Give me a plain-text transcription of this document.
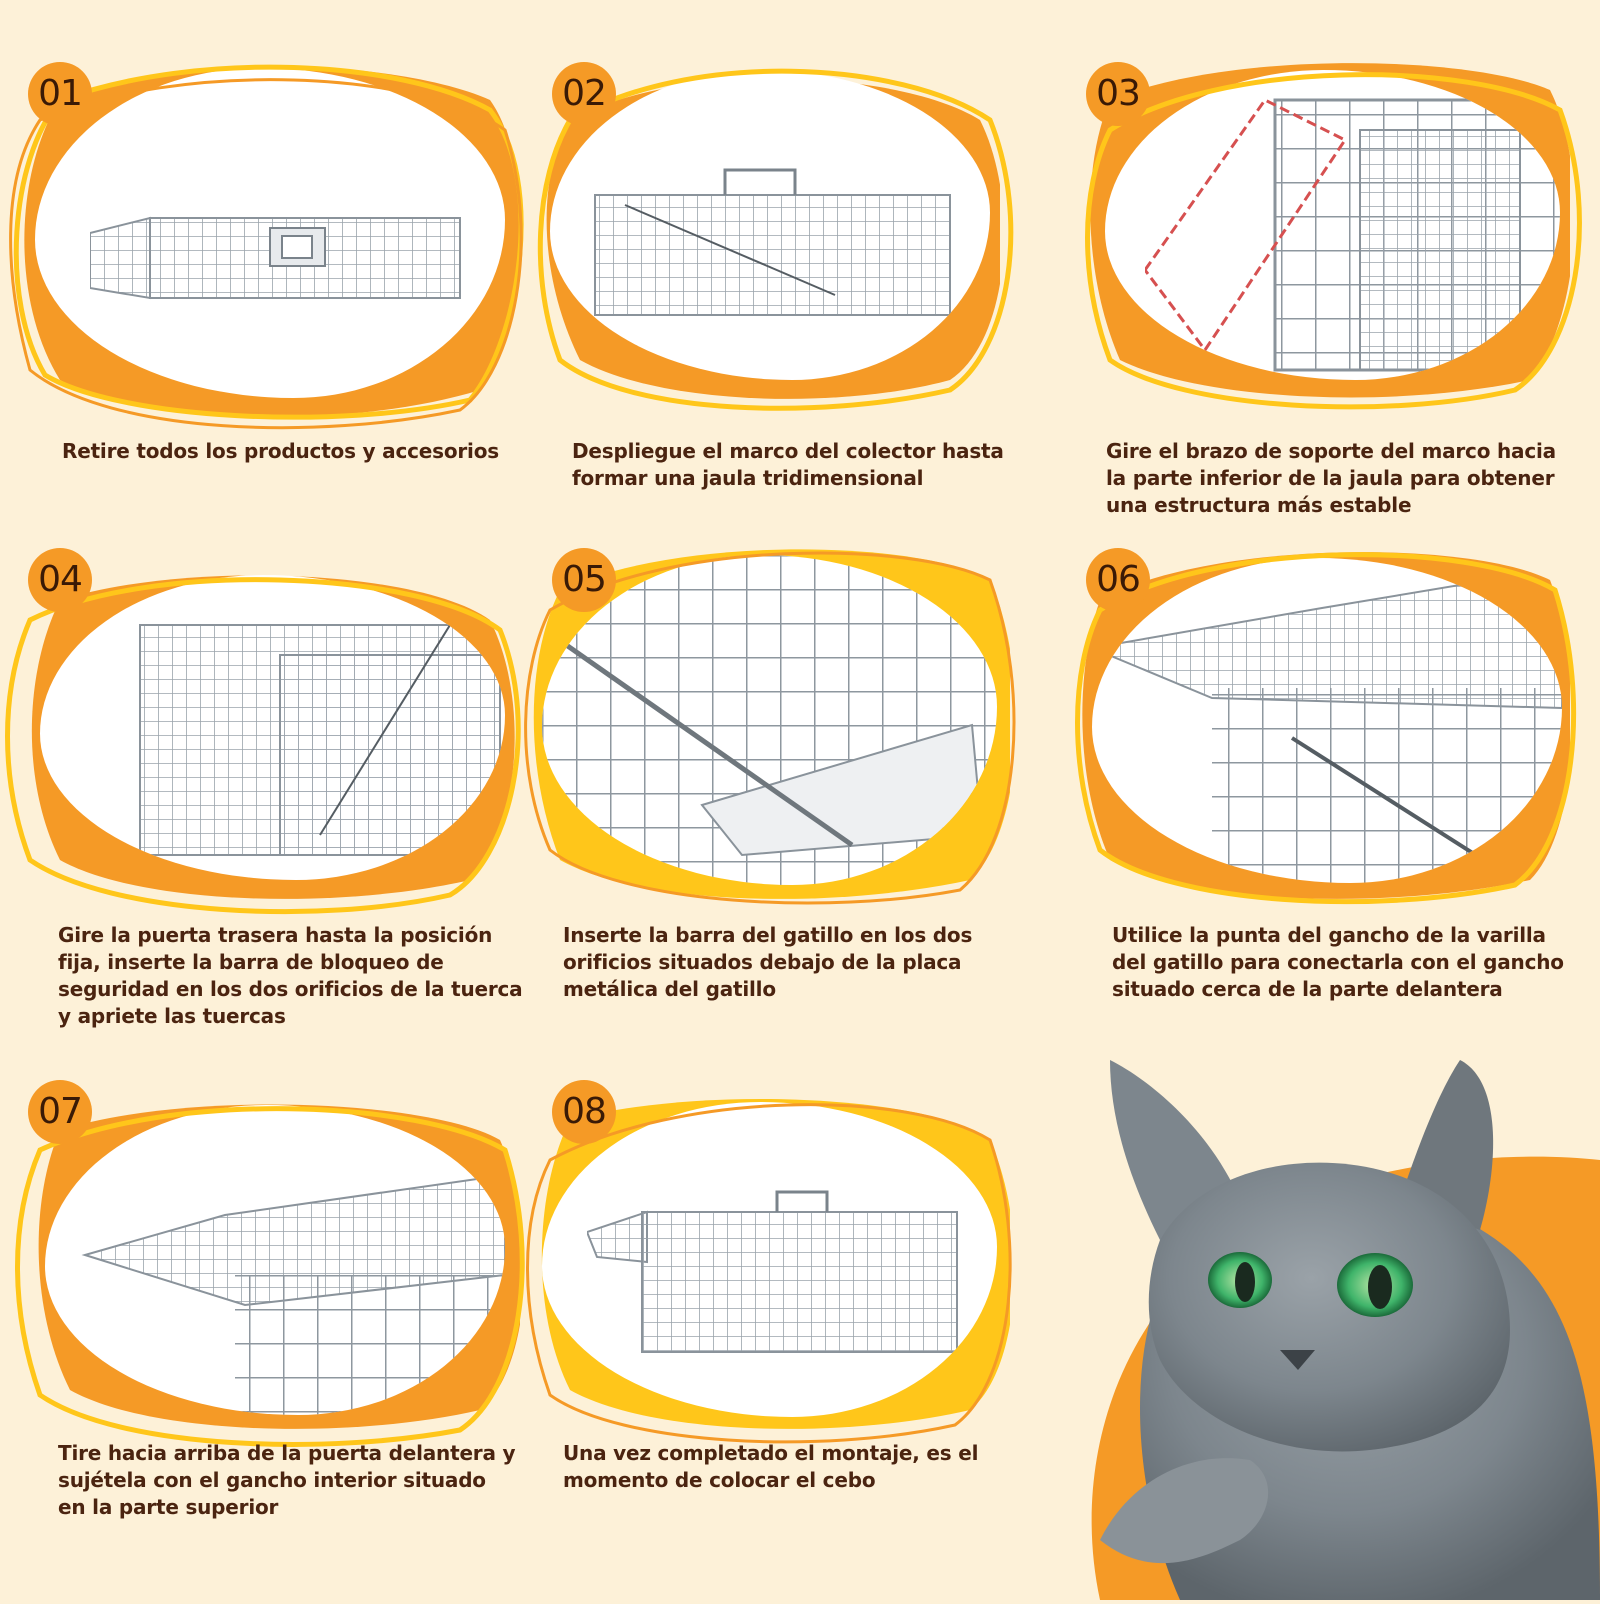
01
Retire todos los productos y accesorios
02
Despliegue el marco del colector hasta formar una jaula tridimensional
03
Gire el brazo de soporte del marco hacia la parte inferior de la jaula para obtener una estructura más estable
04
Gire la puerta trasera hasta la posición fija, inserte la barra de bloqueo de seguridad en los dos orificios de la tuerca y apriete las tuercas
05
Inserte la barra del gatillo en los dos orificios situados debajo de la placa metálica del gatillo
06
Utilice la punta del gancho de la varilla del gatillo para conectarla con el gancho situado cerca de la parte delantera
07
Tire hacia arriba de la puerta delantera y sujétela con el gancho interior situado en la parte superior
08
Una vez completado el montaje, es el momento de colocar el cebo
